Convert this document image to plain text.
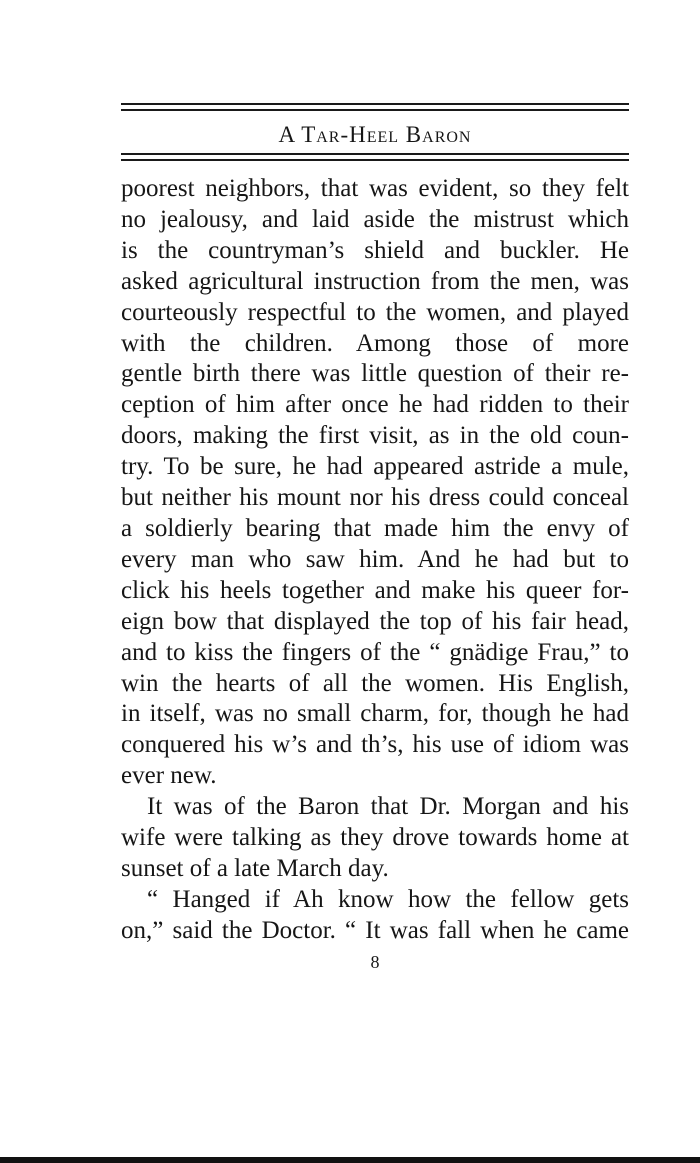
A Tar-Heel Baron

poorest neighbors, that was evident, so they felt

no jealousy, and laid aside the mistrust which

is the countryman’s shield and buckler. He

asked agricultural instruction from the men, was

courteously respectful to the women, and played

with the children. Among those of more

gentle birth there was little question of their re-

ception of him after once he had ridden to their

doors, making the first visit, as in the old coun-

try. To be sure, he had appeared astride a mule,

but neither his mount nor his dress could conceal

a soldierly bearing that made him the envy of

every man who saw him. And he had but to

click his heels together and make his queer for-

eign bow that displayed the top of his fair head,

and to kiss the fingers of the “ gnädige Frau,” to

win the hearts of all the women. His English,

in itself, was no small charm, for, though he had

conquered his w’s and th’s, his use of idiom was

ever new.

It was of the Baron that Dr. Morgan and his

wife were talking as they drove towards home at

sunset of a late March day.

“ Hanged if Ah know how the fellow gets

on,” said the Doctor. “ It was fall when he came

8
